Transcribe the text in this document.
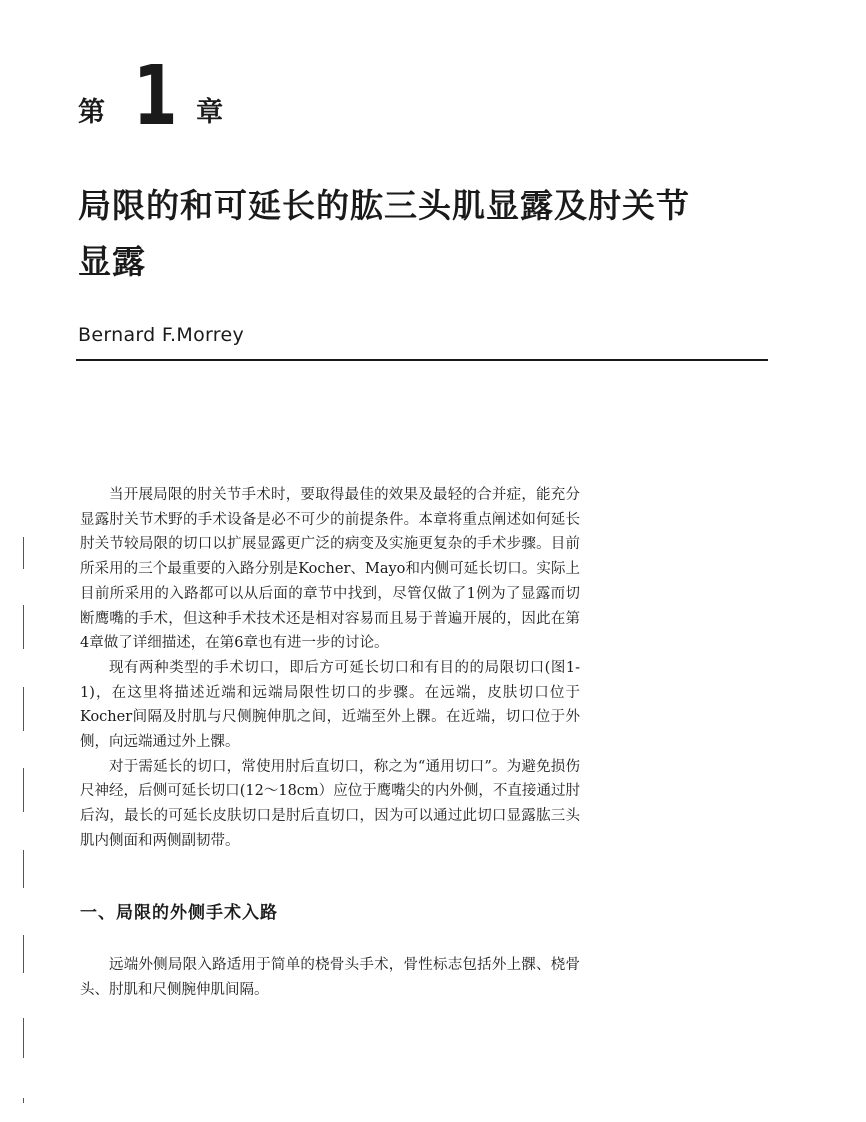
第 1 章
局限的和可延长的肱三头肌显露及肘关节显露
Bernard F.Morrey

当开展局限的肘关节手术时，要取得最佳的效果及最轻的合并症，能充分显露肘关节术野的手术设备是必不可少的前提条件。本章将重点阐述如何延长肘关节较局限的切口以扩展显露更广泛的病变及实施更复杂的手术步骤。目前所采用的三个最重要的入路分别是Kocher、Mayo和内侧可延长切口。实际上目前所采用的入路都可以从后面的章节中找到，尽管仅做了1例为了显露而切断鹰嘴的手术，但这种手术技术还是相对容易而且易于普遍开展的，因此在第4章做了详细描述，在第6章也有进一步的讨论。

现有两种类型的手术切口，即后方可延长切口和有目的的局限切口(图1-1)，在这里将描述近端和远端局限性切口的步骤。在远端，皮肤切口位于Kocher间隔及肘肌与尺侧腕伸肌之间，近端至外上髁。在近端，切口位于外侧，向远端通过外上髁。

对于需延长的切口，常使用肘后直切口，称之为“通用切口”。为避免损伤尺神经，后侧可延长切口(12～18cm）应位于鹰嘴尖的内外侧，不直接通过肘后沟，最长的可延长皮肤切口是肘后直切口，因为可以通过此切口显露肱三头肌内侧面和两侧副韧带。

一、局限的外侧手术入路

远端外侧局限入路适用于简单的桡骨头手术，骨性标志包括外上髁、桡骨头、肘肌和尺侧腕伸肌间隔。
